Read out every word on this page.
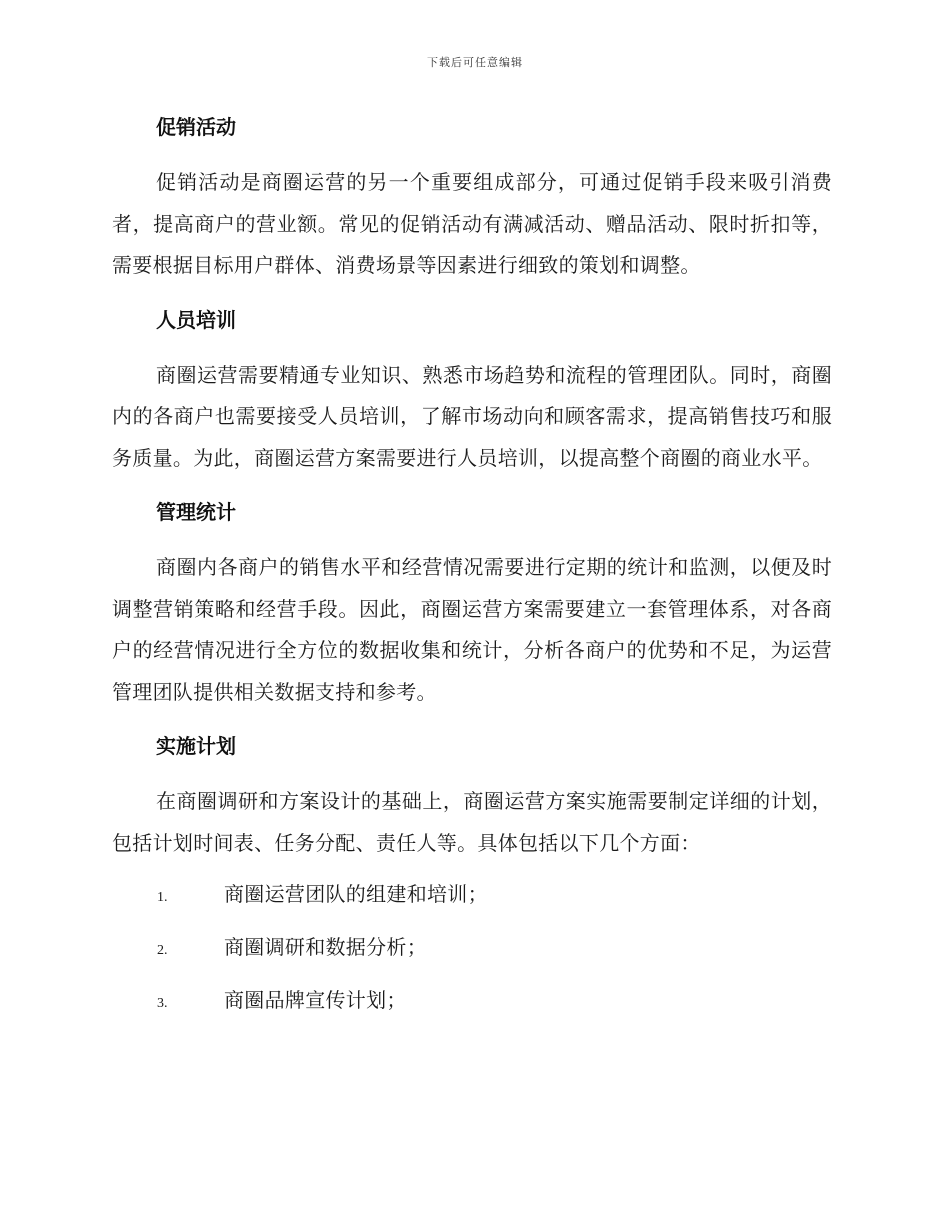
下载后可任意编辑
促销活动

促销活动是商圈运营的另一个重要组成部分，可通过促销手段来吸引消费者，提高商户的营业额。常见的促销活动有满减活动、赠品活动、限时折扣等，需要根据目标用户群体、消费场景等因素进行细致的策划和调整。

人员培训

商圈运营需要精通专业知识、熟悉市场趋势和流程的管理团队。同时，商圈内的各商户也需要接受人员培训，了解市场动向和顾客需求，提高销售技巧和服务质量。为此，商圈运营方案需要进行人员培训，以提高整个商圈的商业水平。

管理统计

商圈内各商户的销售水平和经营情况需要进行定期的统计和监测，以便及时调整营销策略和经营手段。因此，商圈运营方案需要建立一套管理体系，对各商户的经营情况进行全方位的数据收集和统计，分析各商户的优势和不足，为运营管理团队提供相关数据支持和参考。

实施计划

在商圈调研和方案设计的基础上，商圈运营方案实施需要制定详细的计划，包括计划时间表、任务分配、责任人等。具体包括以下几个方面：

1.	商圈运营团队的组建和培训；
2.	商圈调研和数据分析；
3.	商圈品牌宣传计划；
